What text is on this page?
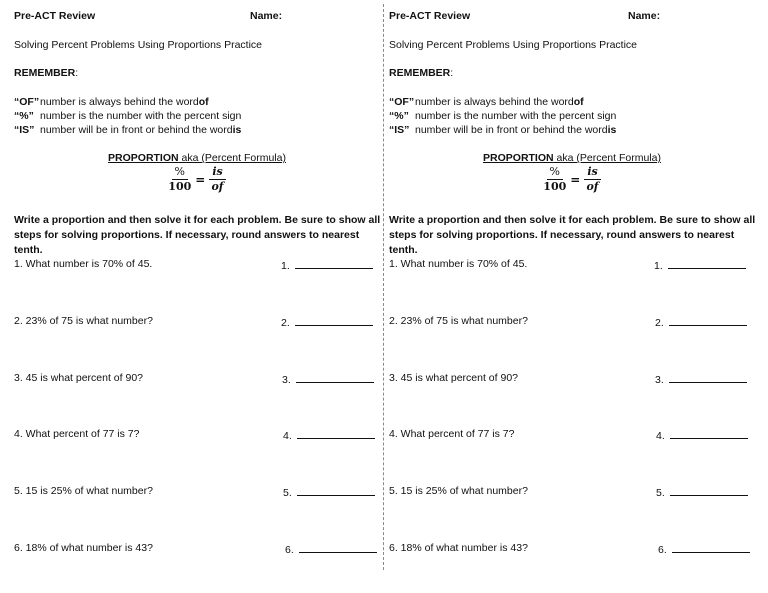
Pre-ACT Review	Name:
Solving Percent Problems Using Proportions Practice
REMEMBER:
“OF” number is always behind the word of
“%” number is the number with the percent sign
“IS” number will be in front or behind the word is
PROPORTION aka (Percent Formula)
$\frac{\%}{100} = \frac{is}{of}$
Write a proportion and then solve it for each problem. Be sure to show all steps for solving proportions. If necessary, round answers to nearest tenth.
1. What number is 70% of 45.	1.
2. 23% of 75 is what number?	2.
3. 45 is what percent of 90?	3.
4. What percent of 77 is 7?	4.
5. 15 is 25% of what number?	5.
6. 18% of what number is 43?	6.
Pre-ACT Review	Name:
Solving Percent Problems Using Proportions Practice
REMEMBER:
“OF” number is always behind the word of
“%” number is the number with the percent sign
“IS” number will be in front or behind the word is
PROPORTION aka (Percent Formula)
$\frac{\%}{100} = \frac{is}{of}$
Write a proportion and then solve it for each problem. Be sure to show all steps for solving proportions. If necessary, round answers to nearest tenth.
1. What number is 70% of 45.	1.
2. 23% of 75 is what number?	2.
3. 45 is what percent of 90?	3.
4. What percent of 77 is 7?	4.
5. 15 is 25% of what number?	5.
6. 18% of what number is 43?	6.
